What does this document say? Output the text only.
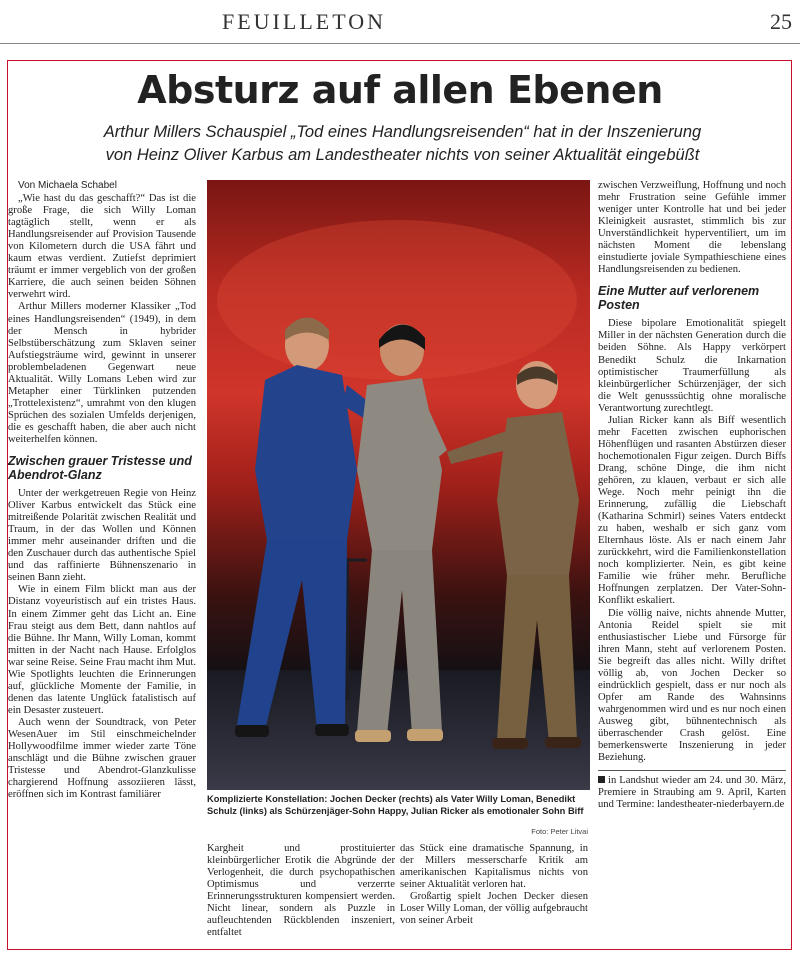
FEUILLETON	25
Absturz auf allen Ebenen
Arthur Millers Schauspiel „Tod eines Handlungsreisenden“ hat in der Inszenierung
von Heinz Oliver Karbus am Landestheater nichts von seiner Aktualität eingebüßt

Von Michaela Schabel

„Wie hast du das geschafft?“ Das ist die große Frage, die sich Willy Loman tagtäglich stellt, wenn er als Handlungsreisender auf Provision Tausende von Kilometern durch die USA fährt und kaum etwas verdient. Zutiefst deprimiert träumt er immer vergeblich von der großen Karriere, die auch seinen beiden Söhnen verwehrt wird.

Arthur Millers moderner Klassiker „Tod eines Handlungsreisenden“ (1949), in dem der Mensch in hybrider Selbstüberschätzung zum Sklaven seiner Aufstiegsträume wird, gewinnt in unserer problembeladenen Gegenwart neue Aktualität. Willy Lomans Leben wird zur Metapher einer Türklinken putzenden „Trottelexistenz“, umrahmt von den klugen Sprüchen des sozialen Umfelds derjenigen, die es geschafft haben, die aber auch nicht weiterhelfen können.

Zwischen grauer Tristesse und Abendrot-Glanz

Unter der werkgetreuen Regie von Heinz Oliver Karbus entwickelt das Stück eine mitreißende Polarität zwischen Realität und Traum, in der das Wollen und Können immer mehr auseinander driften und die den Zuschauer durch das authentische Spiel und das raffinierte Bühnenszenario in seinen Bann zieht.

Wie in einem Film blickt man aus der Distanz voyeuristisch auf ein tristes Haus. In einem Zimmer geht das Licht an. Eine Frau steigt aus dem Bett, dann nahtlos auf die Bühne. Ihr Mann, Willy Loman, kommt mitten in der Nacht nach Hause. Erfolglos war seine Reise. Seine Frau macht ihm Mut. Wie Spotlights leuchten die Erinnerungen auf, glückliche Momente der Familie, in denen das latente Unglück fatalistisch auf ein Desaster zusteuert.

Auch wenn der Soundtrack, von Peter WesenAuer im Stil einschmeichelnder Hollywoodfilme immer wieder zarte Töne anschlägt und die Bühne zwischen grauer Tristesse und Abendrot-Glanzkulisse chargierend Hoffnung assoziieren lässt, eröffnen sich im Kontrast familiärer	Komplizierte Konstellation: Jochen Decker (rechts) als Vater Willy Loman, Benedikt Schulz (links) als Schürzenjäger-Sohn Happy, Julian Ricker als emotionaler Sohn Biff
Foto: Peter Litvai

Kargheit und prostituierter kleinbürgerlicher Erotik die Abgründe der Verlogenheit, die durch psychopathischen Optimismus und verzerrte Erinnerungsstrukturen kompensiert werden. Nicht linear, sondern als Puzzle in aufleuchtenden Rückblenden inszeniert, entfaltet

das Stück eine dramatische Spannung, in der Millers messerscharfe Kritik am amerikanischen Kapitalismus nichts von seiner Aktualität verloren hat.

Großartig spielt Jochen Decker diesen Loser Willy Loman, der völlig aufgebraucht von seiner Arbeit

zwischen Verzweiflung, Hoffnung und noch mehr Frustration seine Gefühle immer weniger unter Kontrolle hat und bei jeder Kleinigkeit ausrastet, stimmlich bis zur Unverständlichkeit hyperventiliert, um im nächsten Moment die lebenslang einstudierte joviale Sympathieschiene eines Handlungsreisenden zu bedienen.

Eine Mutter auf verlorenem Posten

Diese bipolare Emotionalität spiegelt Miller in der nächsten Generation durch die beiden Söhne. Als Happy verkörpert Benedikt Schulz die Inkarnation optimistischer Traumerfüllung als kleinbürgerlicher Schürzenjäger, der sich die Welt genusssüchtig ohne moralische Verantwortung zurechtlegt.

Julian Ricker kann als Biff wesentlich mehr Facetten zwischen euphorischen Höhenflügen und rasanten Abstürzen dieser hochemotionalen Figur zeigen. Durch Biffs Drang, schöne Dinge, die ihm nicht gehören, zu klauen, verbaut er sich alle Wege. Noch mehr peinigt ihn die Erinnerung, zufällig die Liebschaft (Katharina Schmirl) seines Vaters entdeckt zu haben, weshalb er sich ganz vom Elternhaus löste. Als er nach einem Jahr zurückkehrt, wird die Familienkonstellation noch komplizierter. Nein, es gibt keine Familie wie früher mehr. Berufliche Hoffnungen zerplatzen. Der Vater-Sohn-Konflikt eskaliert.

Die völlig naive, nichts ahnende Mutter, Antonia Reidel spielt sie mit enthusiastischer Liebe und Fürsorge für ihren Mann, steht auf verlorenem Posten. Sie begreift das alles nicht. Willy driftet völlig ab, von Jochen Decker so eindrücklich gespielt, dass er nur noch als Opfer am Rande des Wahnsinns wahrgenommen wird und es nur noch einen Ausweg gibt, bühnentechnisch als überraschender Crash gelöst. Eine bemerkenswerte Inszenierung in jeder Beziehung.

in Landshut wieder am 24. und 30. März, Premiere in Straubing am 9. April, Karten und Termine: landestheater-niederbayern.de
